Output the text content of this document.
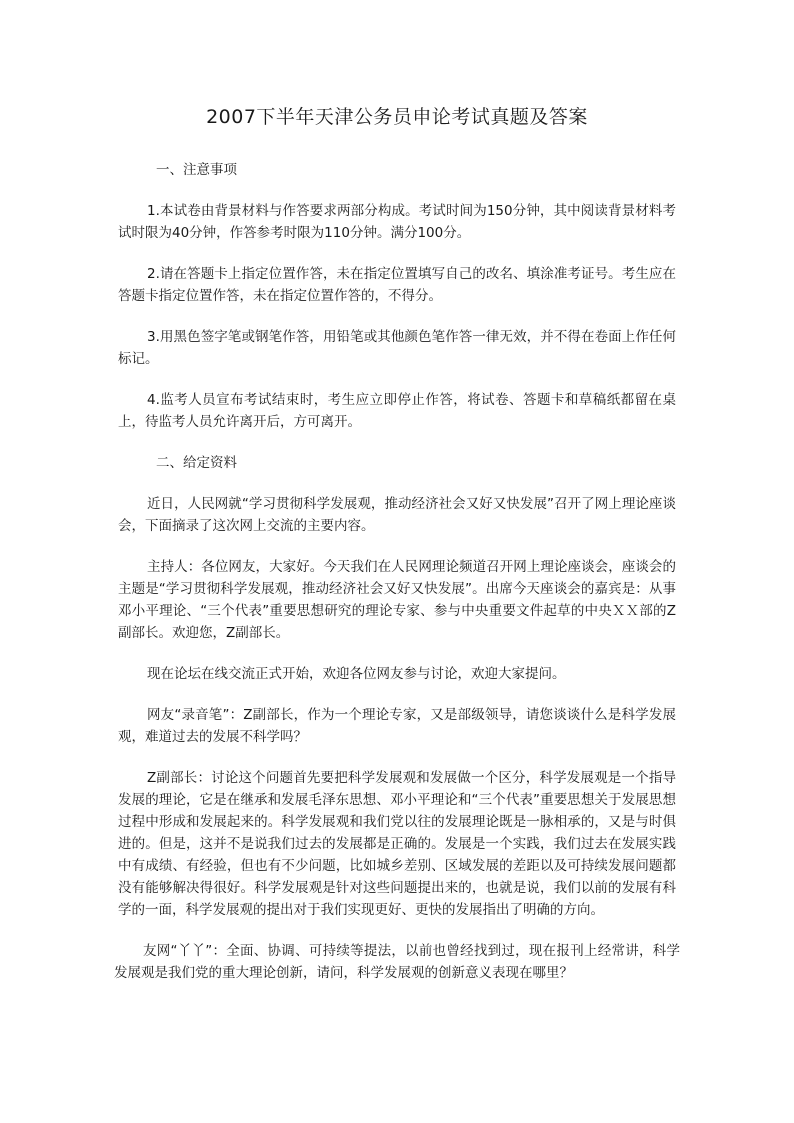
2007下半年天津公务员申论考试真题及答案
一、注意事项

1.本试卷由背景材料与作答要求两部分构成。考试时间为150分钟，其中阅读背景材料考试时限为40分钟，作答参考时限为110分钟。满分100分。

2.请在答题卡上指定位置作答，未在指定位置填写自己的改名、填涂准考证号。考生应在答题卡指定位置作答，未在指定位置作答的，不得分。

3.用黑色签字笔或钢笔作答，用铅笔或其他颜色笔作答一律无效，并不得在卷面上作任何标记。

4.监考人员宣布考试结束时，考生应立即停止作答，将试卷、答题卡和草稿纸都留在桌上，待监考人员允许离开后，方可离开。

二、给定资料

近日，人民网就“学习贯彻科学发展观，推动经济社会又好又快发展”召开了网上理论座谈会，下面摘录了这次网上交流的主要内容。

主持人：各位网友，大家好。今天我们在人民网理论频道召开网上理论座谈会，座谈会的主题是“学习贯彻科学发展观，推动经济社会又好又快发展”。出席今天座谈会的嘉宾是：从事邓小平理论、“三个代表”重要思想研究的理论专家、参与中央重要文件起草的中央ＸＸ部的Z副部长。欢迎您，Z副部长。

现在论坛在线交流正式开始，欢迎各位网友参与讨论，欢迎大家提问。

网友“录音笔”：Z副部长，作为一个理论专家，又是部级领导，请您谈谈什么是科学发展观，难道过去的发展不科学吗？

Z副部长：讨论这个问题首先要把科学发展观和发展做一个区分，科学发展观是一个指导发展的理论，它是在继承和发展毛泽东思想、邓小平理论和“三个代表”重要思想关于发展思想过程中形成和发展起来的。科学发展观和我们党以往的发展理论既是一脉相承的，又是与时俱进的。但是，这并不是说我们过去的发展都是正确的。发展是一个实践，我们过去在发展实践中有成绩、有经验，但也有不少问题，比如城乡差别、区域发展的差距以及可持续发展问题都没有能够解决得很好。科学发展观是针对这些问题提出来的，也就是说，我们以前的发展有科学的一面，科学发展观的提出对于我们实现更好、更快的发展指出了明确的方向。

友网“丫丫”：全面、协调、可持续等提法，以前也曾经找到过，现在报刊上经常讲，科学发展观是我们党的重大理论创新，请问，科学发展观的创新意义表现在哪里？
